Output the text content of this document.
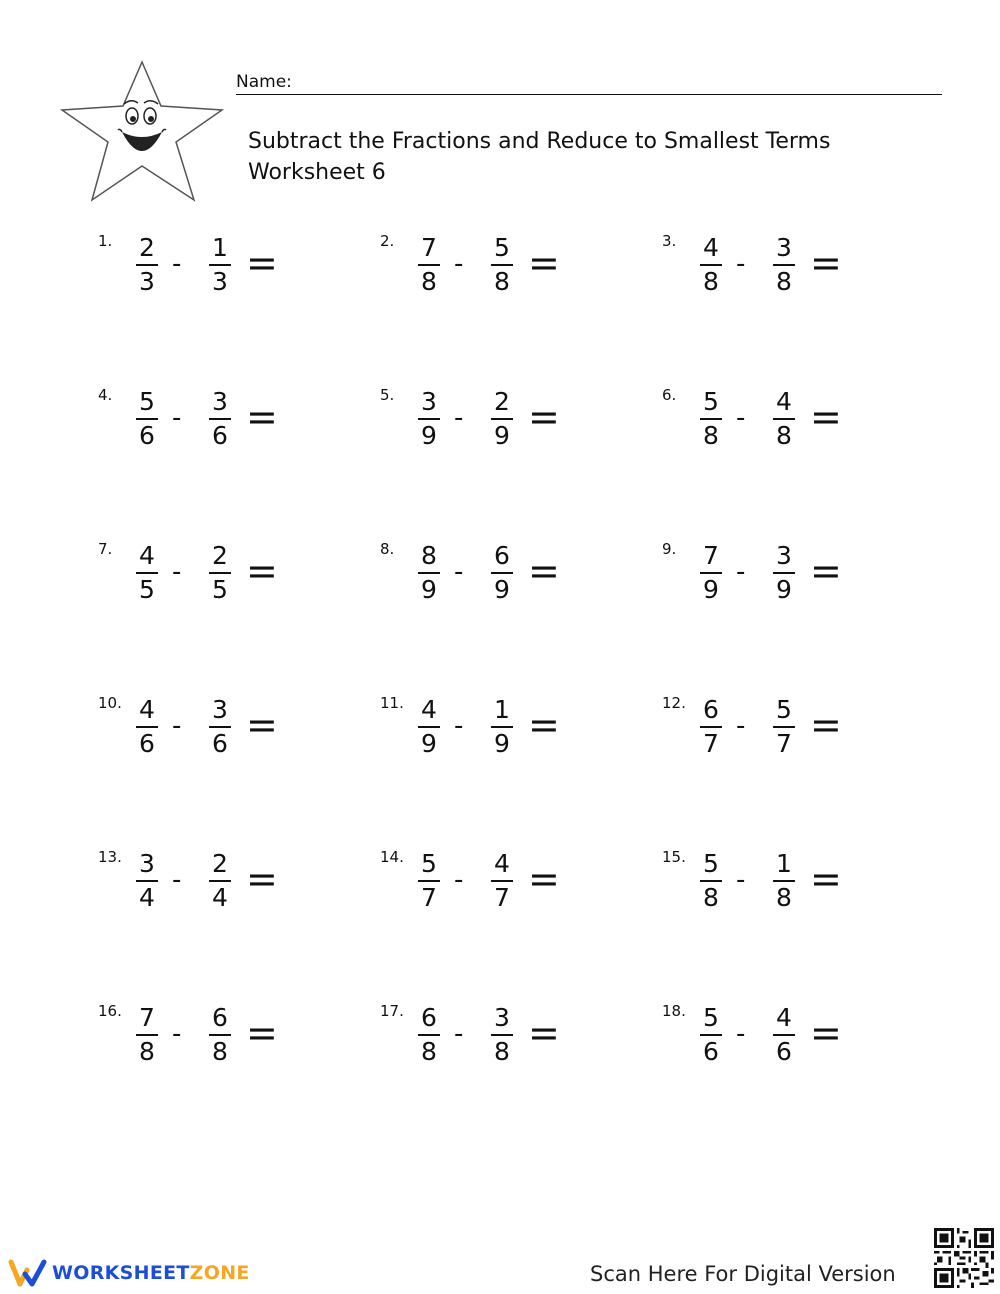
Name:
Subtract the Fractions and Reduce to Smallest Terms
Worksheet 6
1. 2
3
-
1
3 =	2. 7
8
-
5
8 =	3. 4
8
-
3
8 =
4. 5
6
-
3
6 =	5. 3
9
-
2
9 =	6. 5
8
-
4
8 =
7. 4
5
-
2
5 =	8. 8
9
-
6
9 =	9. 7
9
-
3
9 =
10. 4
6
-
3
6 =	11. 4
9
-
1
9 =	12. 6
7
-
5
7 =
13. 3
4
-
2
4 =	14. 5
7
-
4
7 =	15. 5
8
-
1
8 =
16. 7
8
-
6
8 =	17. 6
8
-
3
8 =	18. 5
6
-
4
6 =
WORKSHEETZONE	Scan Here For Digital Version
